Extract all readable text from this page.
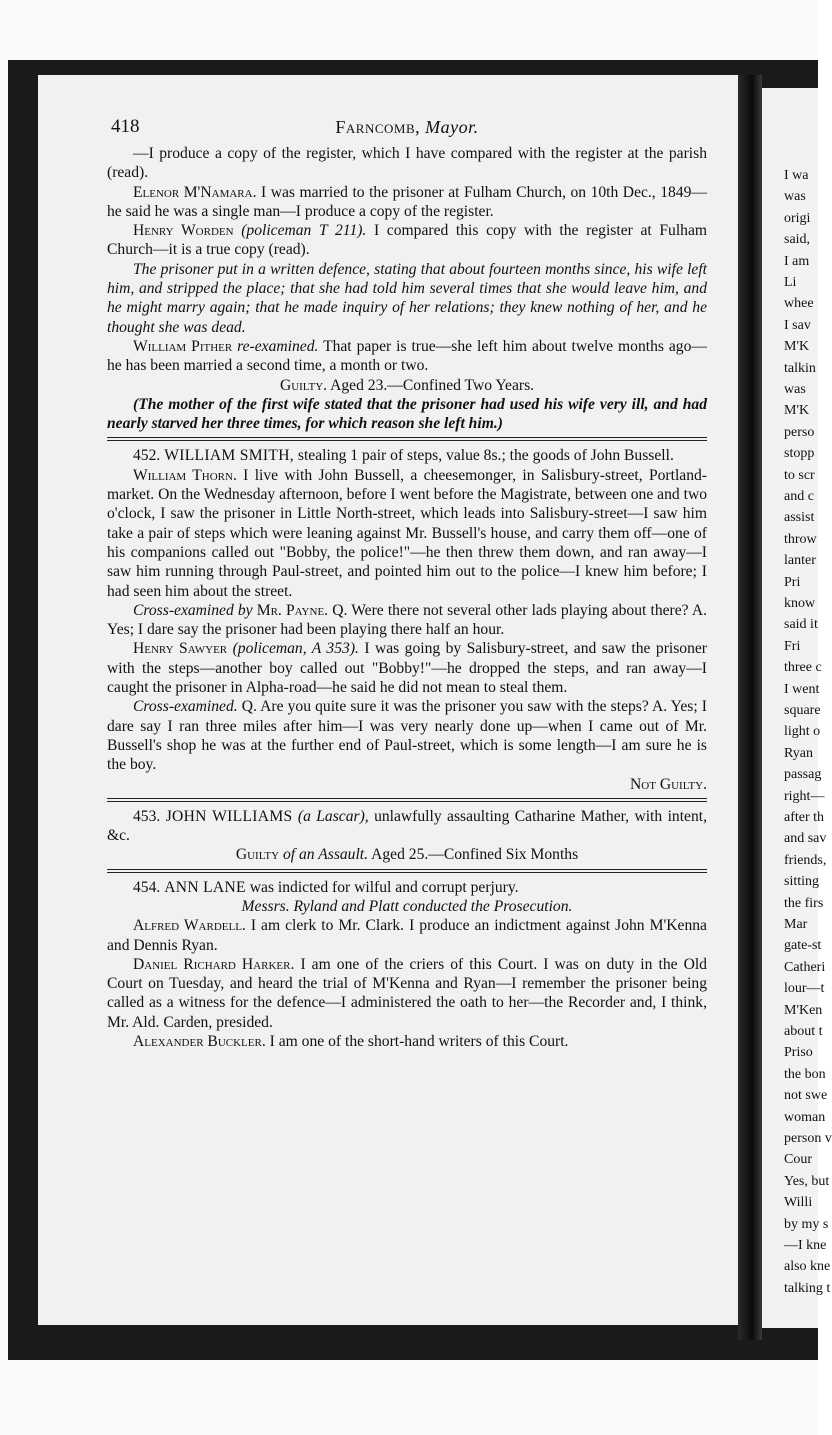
I wa
was
origi
said,
I am
Li
whee
I sav
M'K
talkin
was
M'K
perso
stopp
to scr
and c
assist
throw
lanter
Pri
know
said it
Fri
three c
I went
square
light o
Ryan
passag
right—
after th
and sav
friends,
sitting
the firs
Mar
gate-st
Catheri
lour—t
M'Ken
about t
Priso
the bon
not swe
woman
person v
Cour
Yes, but
Willi
by my s
—I kne
also kne
talking t
418	Farncomb, Mayor.

—I produce a copy of the register, which I have compared with the register at the parish (read).

Elenor M'Namara. I was married to the prisoner at Fulham Church, on 10th Dec., 1849—he said he was a single man—I produce a copy of the register.

Henry Worden (policeman T 211). I compared this copy with the register at Fulham Church—it is a true copy (read).

The prisoner put in a written defence, stating that about fourteen months since, his wife left him, and stripped the place; that she had told him several times that she would leave him, and he might marry again; that he made inquiry of her relations; they knew nothing of her, and he thought she was dead.

William Pither re-examined. That paper is true—she left him about twelve months ago—he has been married a second time, a month or two.

Guilty. Aged 23.—Confined Two Years.

(The mother of the first wife stated that the prisoner had used his wife very ill, and had nearly starved her three times, for which reason she left him.)

452. WILLIAM SMITH, stealing 1 pair of steps, value 8s.; the goods of John Bussell.

William Thorn. I live with John Bussell, a cheesemonger, in Salisbury-street, Portland-market. On the Wednesday afternoon, before I went before the Magistrate, between one and two o'clock, I saw the prisoner in Little North-street, which leads into Salisbury-street—I saw him take a pair of steps which were leaning against Mr. Bussell's house, and carry them off—one of his companions called out "Bobby, the police!"—he then threw them down, and ran away—I saw him running through Paul-street, and pointed him out to the police—I knew him before; I had seen him about the street.

Cross-examined by Mr. Payne. Q. Were there not several other lads playing about there? A. Yes; I dare say the prisoner had been playing there half an hour.

Henry Sawyer (policeman, A 353). I was going by Salisbury-street, and saw the prisoner with the steps—another boy called out "Bobby!"—he dropped the steps, and ran away—I caught the prisoner in Alpha-road—he said he did not mean to steal them.

Cross-examined. Q. Are you quite sure it was the prisoner you saw with the steps? A. Yes; I dare say I ran three miles after him—I was very nearly done up—when I came out of Mr. Bussell's shop he was at the further end of Paul-street, which is some length—I am sure he is the boy.

Not Guilty.

453. JOHN WILLIAMS (a Lascar), unlawfully assaulting Catharine Mather, with intent, &c.

Guilty of an Assault. Aged 25.—Confined Six Months

454. ANN LANE was indicted for wilful and corrupt perjury.

Messrs. Ryland and Platt conducted the Prosecution.

Alfred Wardell. I am clerk to Mr. Clark. I produce an indictment against John M'Kenna and Dennis Ryan.

Daniel Richard Harker. I am one of the criers of this Court. I was on duty in the Old Court on Tuesday, and heard the trial of M'Kenna and Ryan—I remember the prisoner being called as a witness for the defence—I administered the oath to her—the Recorder and, I think, Mr. Ald. Carden, presided.

Alexander Buckler. I am one of the short-hand writers of this Court.
